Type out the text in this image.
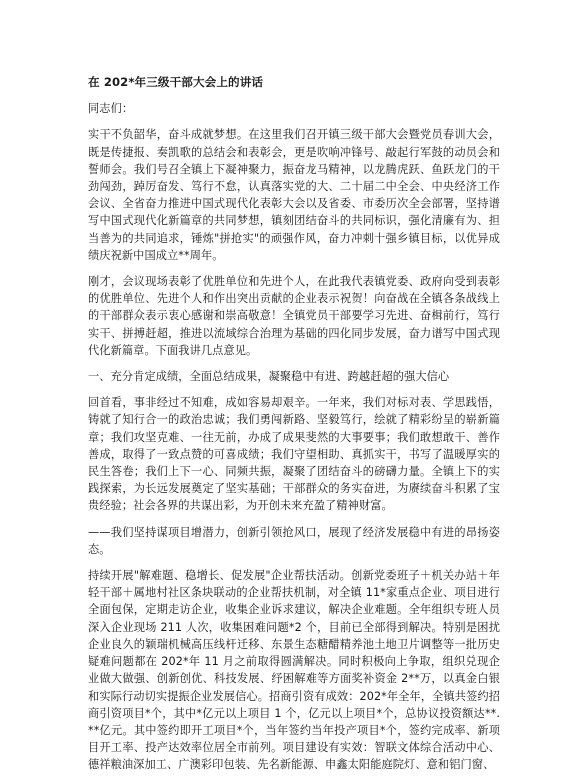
在 202*年三级干部大会上的讲话
同志们：
实干不负韶华，奋斗成就梦想。在这里我们召开镇三级干部大会暨党员春训大会，既是传捷报、奏凯歌的总结会和表彰会，更是吹响冲锋号、敲起行军鼓的动员会和誓师会。我们号召全镇上下凝神聚力，振奋龙马精神，以龙腾虎跃、鱼跃龙门的干劲闯劲，踔厉奋发、笃行不怠，认真落实党的大、二十届二中全会、中央经济工作会议、全省奋力推进中国式现代化表彰大会以及省委、市委历次全会部署，坚持谱写中国式现代化新篇章的共同梦想，镇刻团结奋斗的共同标识，强化清廉有为、担当善为的共同追求，锤炼"拼抢实"的顽强作风，奋力冲刺十强乡镇目标，以优异成绩庆祝新中国成立**周年。
刚才，会议现场表彰了优胜单位和先进个人，在此我代表镇党委、政府向受到表彰的优胜单位、先进个人和作出突出贡献的企业表示祝贺！向奋战在全镇各条战线上的干部群众表示衷心感谢和崇高敬意！全镇党员干部要学习先进、奋楫前行，笃行实干、拼搏赶超，推进以流域综合治理为基础的四化同步发展，奋力谱写中国式现代化新篇章。下面我讲几点意见。
一、充分肯定成绩，全面总结成果，凝聚稳中有进、跨越赶超的强大信心
回首看，事非经过不知难，成如容易却艰辛。一年来，我们对标对表、学思践悟，铸就了知行合一的政治忠诚；我们勇闯新路、坚毅笃行，绘就了精彩纷呈的崭新篇章；我们攻坚克难、一往无前，办成了成果斐然的大事要事；我们敢想敢干、善作善成，取得了一致点赞的可喜成绩；我们守望相助、真抓实干，书写了温暖厚实的民生答卷；我们上下一心、同频共振，凝聚了团结奋斗的磅礴力量。全镇上下的实践探索，为长远发展奠定了坚实基础；干部群众的务实奋进，为赓续奋斗积累了宝贵经验；社会各界的共谋出彩，为开创未来充盈了精神财富。
——我们坚持谋项目增潜力，创新引领抢风口，展现了经济发展稳中有进的昂扬姿态。
持续开展"解难题、稳增长、促发展"企业帮扶活动。创新党委班子＋机关办站＋年轻干部＋属地村社区条块联动的企业帮扶机制，对全镇 11*家重点企业、项目进行全面包保，定期走访企业，收集企业诉求建议，解决企业难题。全年组织专班人员深入企业现场 211 人次，收集困难问题*2 个，目前已全部得到解决。特别是困扰企业良久的颖瑞机械高压线杆迁移、东景生态糖醋精养池土地卫片调整等一批历史疑难问题都在 202*年 11 月之前取得圆满解决。同时积极向上争取，组织兑现企业做大做强、创新创优、科技发展、纾困解难等方面奖补资金 2**万，以真金白银和实际行动切实提振企业发展信心。招商引资有成效：202*年全年，全镇共签约招商引资项目*个，其中*亿元以上项目 1 个，亿元以上项目*个，总协议投资额达**.**亿元。其中签约即开工项目*个，当年签约当年投产项目*个，签约完成率、新项目开工率、投产达效率位居全市前列。项目建设有实效：智联文体综合活动中心、德祥粮油深加工、广澳彩印包装、先名新能源、申鑫太阳能庭院灯、意和铝门窗、
